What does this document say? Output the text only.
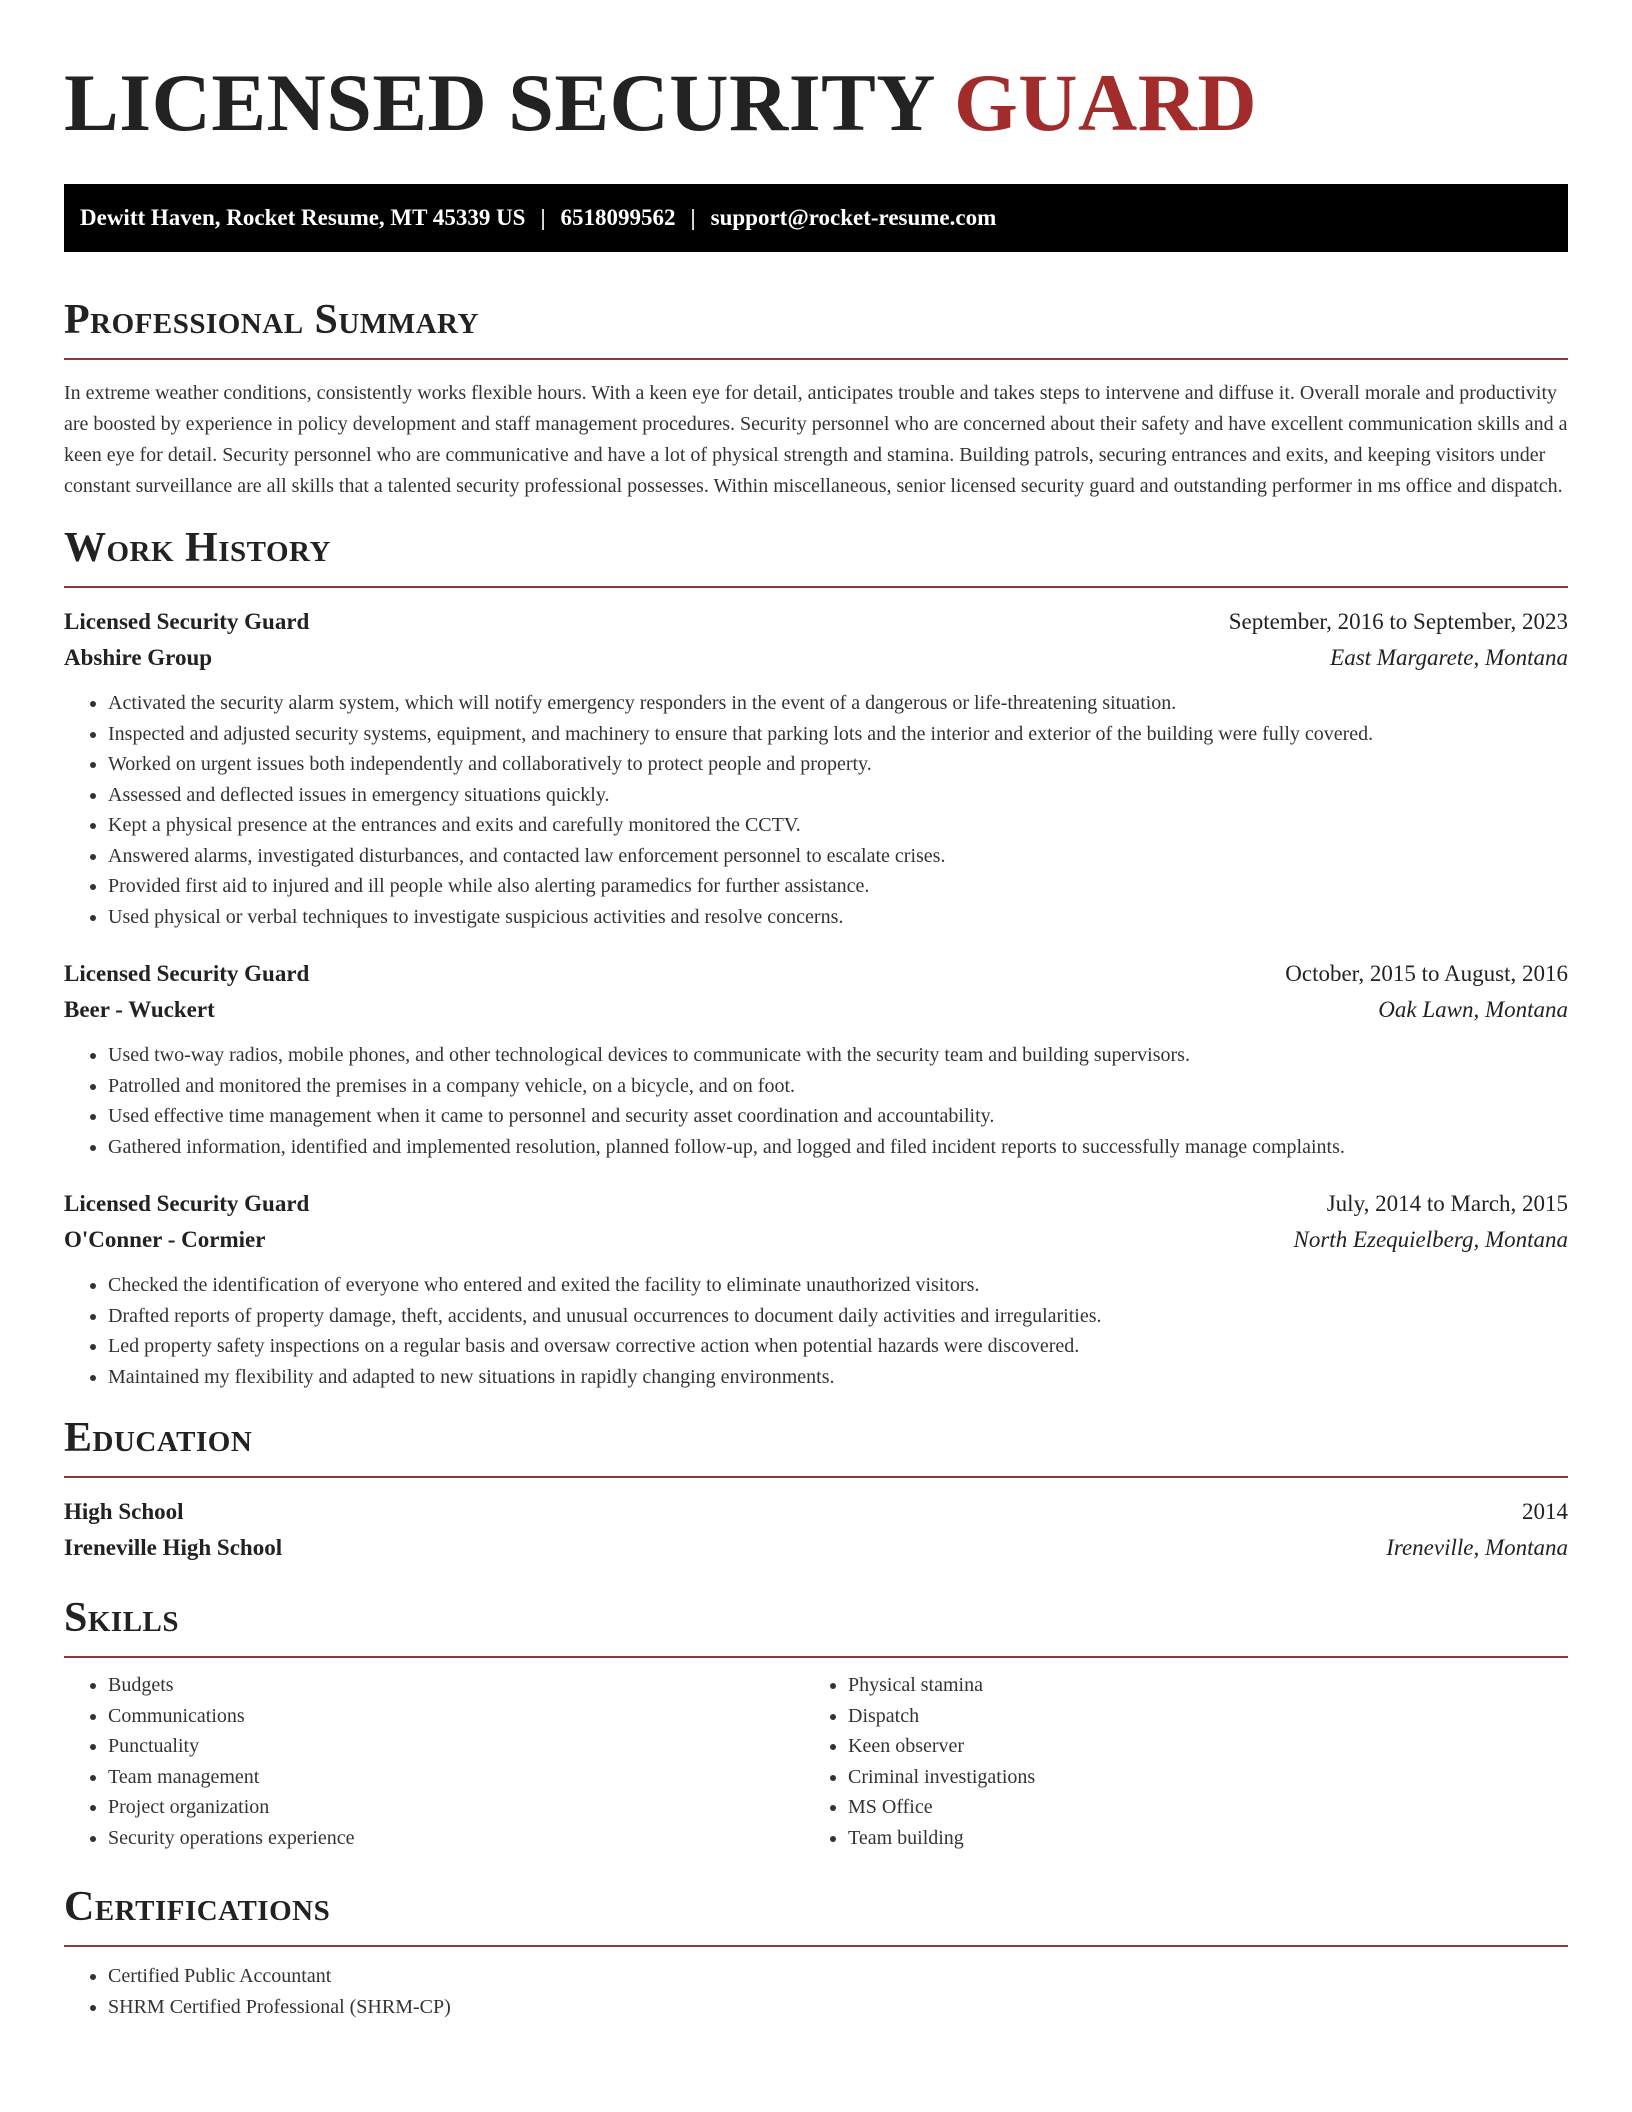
LICENSED SECURITY GUARD
Dewitt Haven, Rocket Resume, MT 45339 US | 6518099562 | support@rocket-resume.com
Professional Summary

In extreme weather conditions, consistently works flexible hours. With a keen eye for detail, anticipates trouble and takes steps to intervene and diffuse it. Overall morale and productivity are boosted by experience in policy development and staff management procedures. Security personnel who are concerned about their safety and have excellent communication skills and a keen eye for detail. Security personnel who are communicative and have a lot of physical strength and stamina. Building patrols, securing entrances and exits, and keeping visitors under constant surveillance are all skills that a talented security professional possesses. Within miscellaneous, senior licensed security guard and outstanding performer in ms office and dispatch.

Work History
Licensed Security Guard	September, 2016 to September, 2023
Abshire Group	East Margarete, Montana
• Activated the security alarm system, which will notify emergency responders in the event of a dangerous or life-threatening situation.
• Inspected and adjusted security systems, equipment, and machinery to ensure that parking lots and the interior and exterior of the building were fully covered.
• Worked on urgent issues both independently and collaboratively to protect people and property.
• Assessed and deflected issues in emergency situations quickly.
• Kept a physical presence at the entrances and exits and carefully monitored the CCTV.
• Answered alarms, investigated disturbances, and contacted law enforcement personnel to escalate crises.
• Provided first aid to injured and ill people while also alerting paramedics for further assistance.
• Used physical or verbal techniques to investigate suspicious activities and resolve concerns.
Licensed Security Guard	October, 2015 to August, 2016
Beer - Wuckert	Oak Lawn, Montana
• Used two-way radios, mobile phones, and other technological devices to communicate with the security team and building supervisors.
• Patrolled and monitored the premises in a company vehicle, on a bicycle, and on foot.
• Used effective time management when it came to personnel and security asset coordination and accountability.
• Gathered information, identified and implemented resolution, planned follow-up, and logged and filed incident reports to successfully manage complaints.
Licensed Security Guard	July, 2014 to March, 2015
O'Conner - Cormier	North Ezequielberg, Montana
• Checked the identification of everyone who entered and exited the facility to eliminate unauthorized visitors.
• Drafted reports of property damage, theft, accidents, and unusual occurrences to document daily activities and irregularities.
• Led property safety inspections on a regular basis and oversaw corrective action when potential hazards were discovered.
• Maintained my flexibility and adapted to new situations in rapidly changing environments.
Education
High School	2014
Ireneville High School	Ireneville, Montana
Skills
• Budgets
• Communications
• Punctuality
• Team management
• Project organization
• Security operations experience
• Physical stamina
• Dispatch
• Keen observer
• Criminal investigations
• MS Office
• Team building
Certifications
• Certified Public Accountant
• SHRM Certified Professional (SHRM-CP)
